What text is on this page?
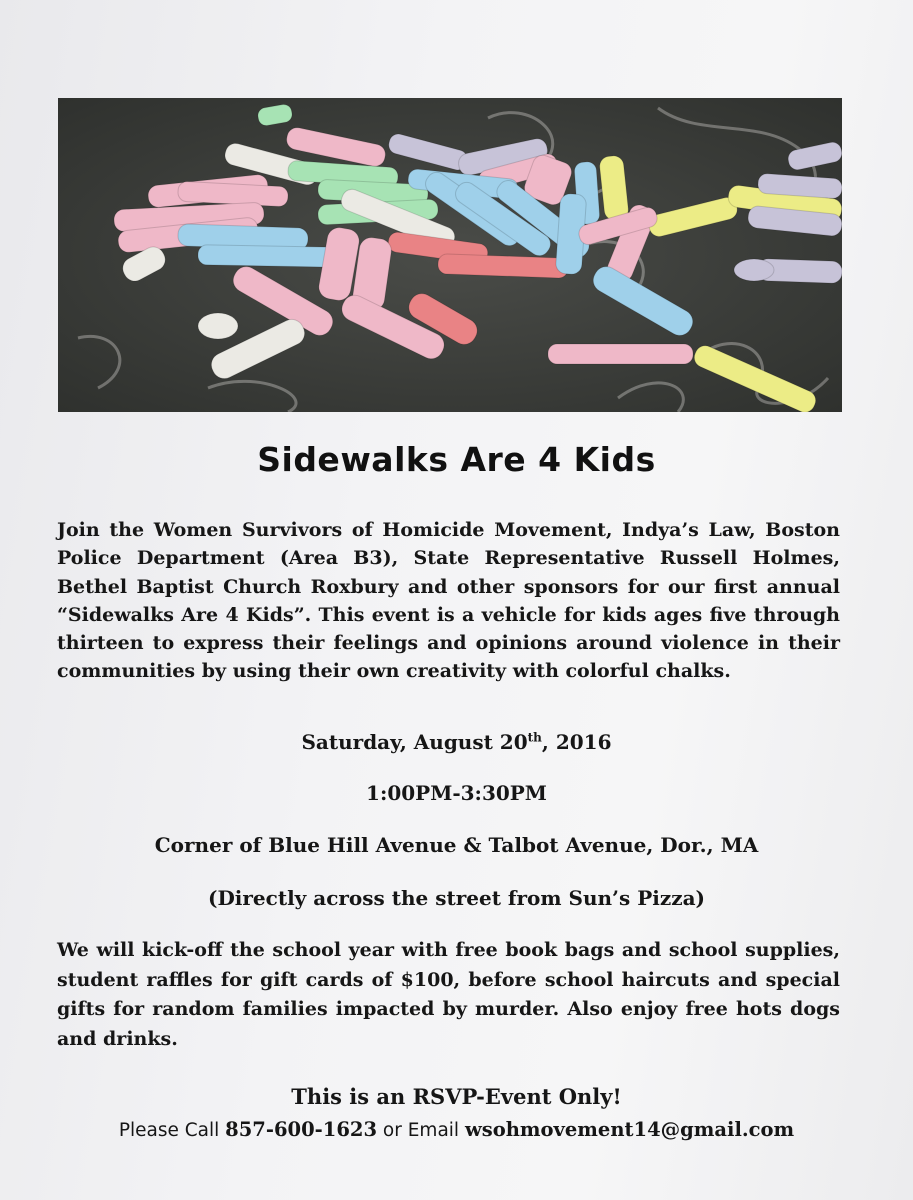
Sidewalks Are 4 Kids

Join the Women Survivors of Homicide Movement, Indya’s Law, Boston Police Department (Area B3), State Representative Russell Holmes, Bethel Baptist Church Roxbury and other sponsors for our first annual “Sidewalks Are 4 Kids”. This event is a vehicle for kids ages five through thirteen to express their feelings and opinions around violence in their communities by using their own creativity with colorful chalks.

Saturday, August 20th, 2016

1:00PM-3:30PM

Corner of Blue Hill Avenue & Talbot Avenue, Dor., MA

(Directly across the street from Sun’s Pizza)

We will kick-off the school year with free book bags and school supplies, student raffles for gift cards of $100, before school haircuts and special gifts for random families impacted by murder. Also enjoy free hots dogs and drinks.

This is an RSVP-Event Only!

Please Call 857-600-1623 or Email wsohmovement14@gmail.com
